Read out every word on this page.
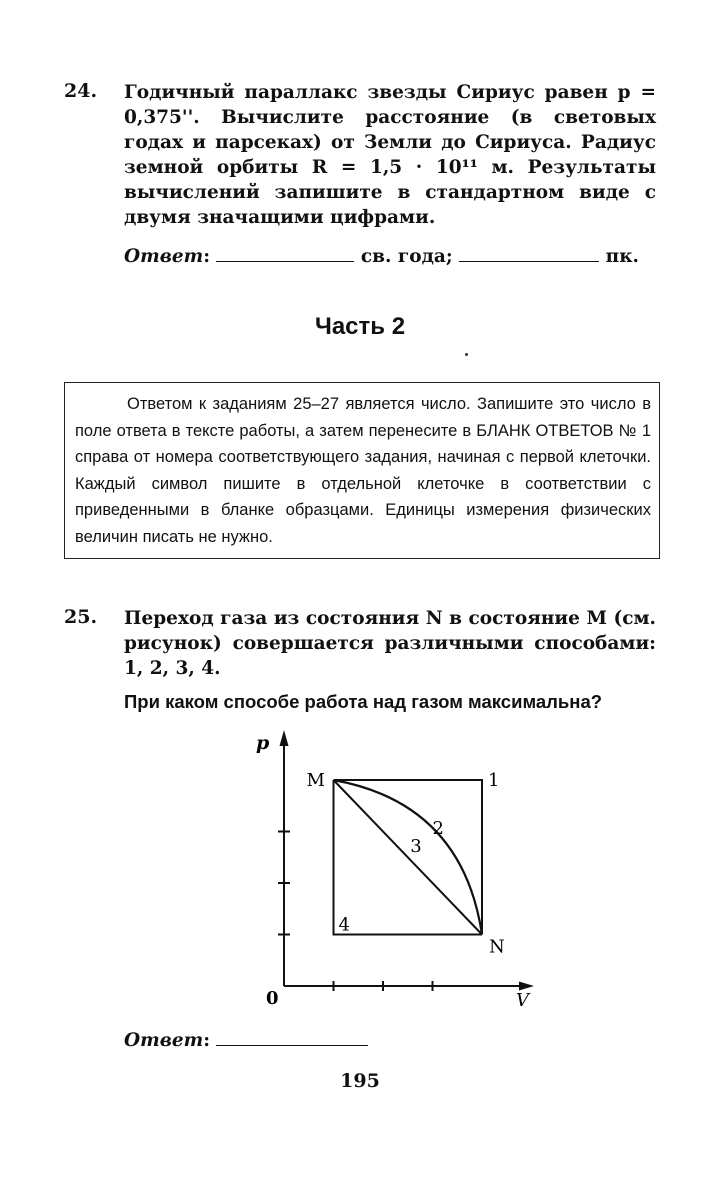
24. Годичный параллакс звезды Сириус равен p = 0,375''. Вычислите расстояние (в световых годах и парсеках) от Земли до Сириуса. Радиус земной орбиты R = 1,5 · 10¹¹ м. Результаты вычислений запишите в стандартном виде с двумя значащими цифрами.

Ответ:	св. года;	пк.
Часть 2

Ответом к заданиям 25–27 является число. Запишите это число в поле ответа в тексте работы, а затем перенесите в БЛАНК ОТВЕТОВ № 1 справа от номера соответствующего задания, начиная с первой клеточки. Каждый символ пишите в отдельной клеточке в соответствии с приведенными в бланке образцами. Единицы измерения физических величин писать не нужно.

25. Переход газа из состояния N в состояние M (см. рисунок) совершается различными способами: 1, 2, 3, 4.

При каком способе работа над газом максимальна?

p
V
0
M	1
4
N
2
3
Ответ:
195
